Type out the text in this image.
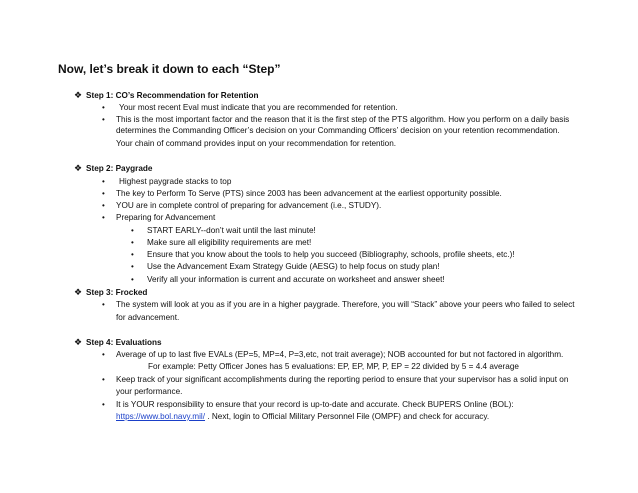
Now, let’s break it down to each “Step”
❖ Step 1: CO’s Recommendation for Retention
• Your most recent Eval must indicate that you are recommended for retention.
• This is the most important factor and the reason that it is the first step of the PTS algorithm. How you perform on a daily basis
determines the Commanding Officer’s decision on your Commanding Officers’ decision on your retention recommendation.
Your chain of command provides input on your recommendation for retention.
❖ Step 2: Paygrade
• Highest paygrade stacks to top
• The key to Perform To Serve (PTS) since 2003 has been advancement at the earliest opportunity possible.
• YOU are in complete control of preparing for advancement (i.e., STUDY).
• Preparing for Advancement
• START EARLY--don’t wait until the last minute!
• Make sure all eligibility requirements are met!
• Ensure that you know about the tools to help you succeed (Bibliography, schools, profile sheets, etc.)!
• Use the Advancement Exam Strategy Guide (AESG) to help focus on study plan!
• Verify all your information is current and accurate on worksheet and answer sheet!
❖ Step 3: Frocked
• The system will look at you as if you are in a higher paygrade. Therefore, you will “Stack” above your peers who failed to select
for advancement.
❖ Step 4: Evaluations
• Average of up to last five EVALs (EP=5, MP=4, P=3,etc, not trait average); NOB accounted for but not factored in algorithm.
For example: Petty Officer Jones has 5 evaluations: EP, EP, MP, P, EP = 22 divided by 5 = 4.4 average
• Keep track of your significant accomplishments during the reporting period to ensure that your supervisor has a solid input on
your performance.
• It is YOUR responsibility to ensure that your record is up-to-date and accurate. Check BUPERS Online (BOL):
https://www.bol.navy.mil/ . Next, login to Official Military Personnel File (OMPF) and check for accuracy.
